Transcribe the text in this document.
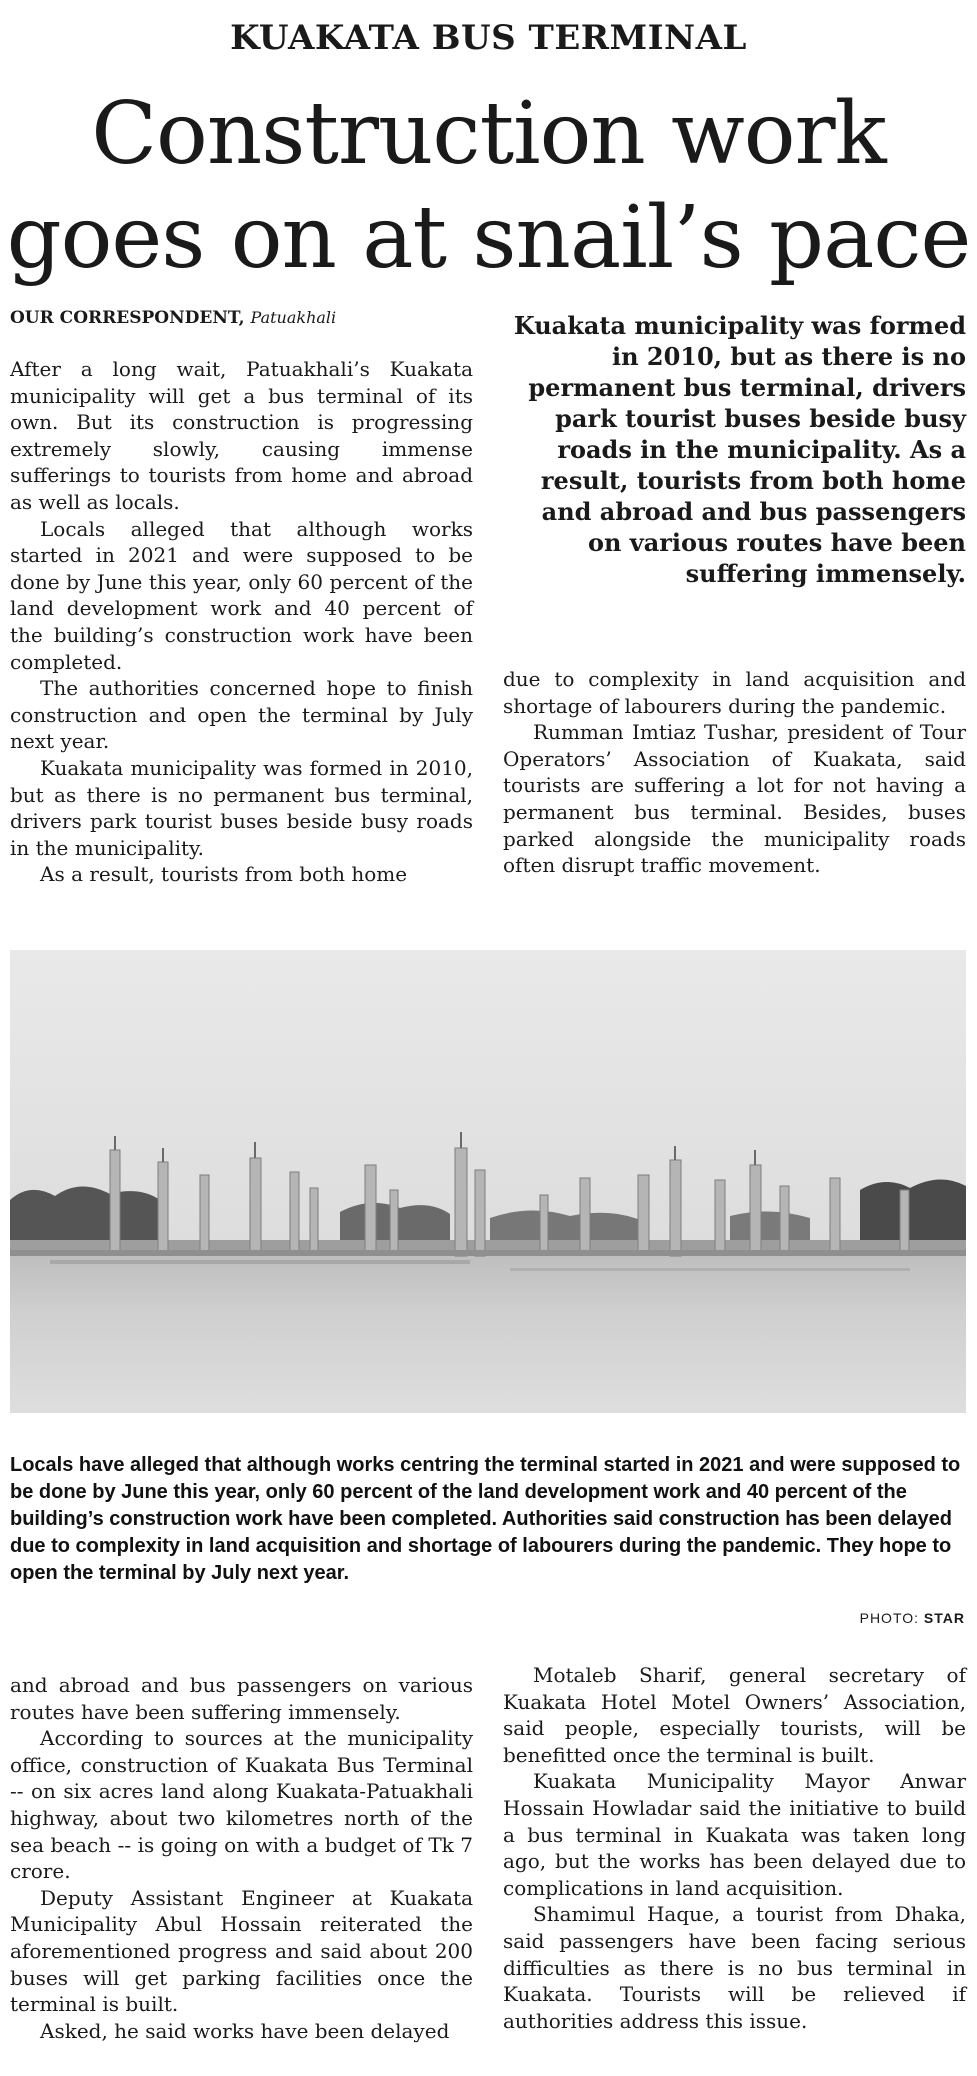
KUAKATA BUS TERMINAL
Construction work goes on at snail’s pace
OUR CORRESPONDENT, Patuakhali

After a long wait, Patuakhali’s Kuakata municipality will get a bus terminal of its own. But its construction is progressing extremely slowly, causing immense sufferings to tourists from home and abroad as well as locals.

Locals alleged that although works started in 2021 and were supposed to be done by June this year, only 60 percent of the land development work and 40 percent of the building’s construction work have been completed.

The authorities concerned hope to finish construction and open the terminal by July next year.

Kuakata municipality was formed in 2010, but as there is no permanent bus terminal, drivers park tourist buses beside busy roads in the municipality.

As a result, tourists from both home

Kuakata municipality was formed in 2010, but as there is no permanent bus terminal, drivers park tourist buses beside busy roads in the municipality. As a result, tourists from both home and abroad and bus passengers on various routes have been suffering immensely.

due to complexity in land acquisition and shortage of labourers during the pandemic.

Rumman Imtiaz Tushar, president of Tour Operators’ Association of Kuakata, said tourists are suffering a lot for not having a permanent bus terminal. Besides, buses parked alongside the municipality roads often disrupt traffic movement.

Locals have alleged that although works centring the terminal started in 2021 and were supposed to be done by June this year, only 60 percent of the land development work and 40 percent of the building’s construction work have been completed. Authorities said construction has been delayed due to complexity in land acquisition and shortage of labourers during the pandemic. They hope to open the terminal by July next year.
PHOTO: STAR

and abroad and bus passengers on various routes have been suffering immensely.

According to sources at the municipality office, construction of Kuakata Bus Terminal -- on six acres land along Kuakata-Patuakhali highway, about two kilometres north of the sea beach -- is going on with a budget of Tk 7 crore.

Deputy Assistant Engineer at Kuakata Municipality Abul Hossain reiterated the aforementioned progress and said about 200 buses will get parking facilities once the terminal is built.

Asked, he said works have been delayed

Motaleb Sharif, general secretary of Kuakata Hotel Motel Owners’ Association, said people, especially tourists, will be benefitted once the terminal is built.

Kuakata Municipality Mayor Anwar Hossain Howladar said the initiative to build a bus terminal in Kuakata was taken long ago, but the works has been delayed due to complications in land acquisition.

Shamimul Haque, a tourist from Dhaka, said passengers have been facing serious difficulties as there is no bus terminal in Kuakata. Tourists will be relieved if authorities address this issue.
